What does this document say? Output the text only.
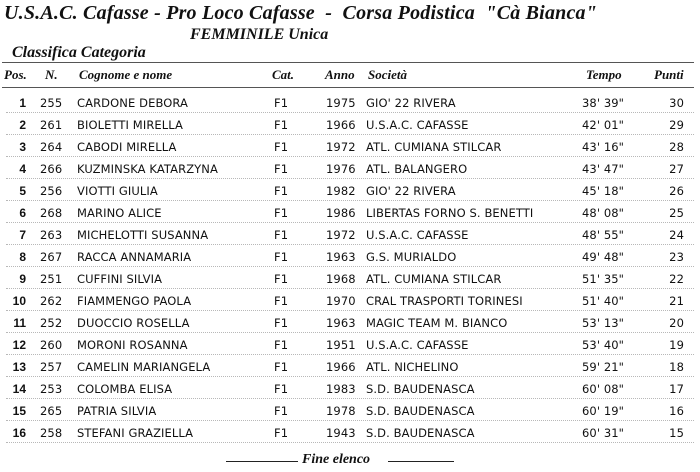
U.S.A.C. Cafasse - Pro Loco Cafasse  -  Corsa Podistica  "Cà Bianca"

Classifica Categoria

FEMMINILE Unica

Pos. N. Cognome e nome	Cat. Anno Società	Tempo Punti
1 255 CARDONE DEBORA	F1	1975 GIO' 22 RIVERA	38' 39"	30
2 261 BIOLETTI MIRELLA	F1	1966 U.S.A.C. CAFASSE	42' 01"	29
3 264 CABODI MIRELLA	F1	1972 ATL. CUMIANA STILCAR	43' 16"	28
4 266 KUZMINSKA KATARZYNA	F1	1976 ATL. BALANGERO	43' 47"	27
5 256 VIOTTI GIULIA	F1	1982 GIO' 22 RIVERA	45' 18"	26
6 268 MARINO ALICE	F1	1986 LIBERTAS FORNO S. BENETTI	48' 08"	25
7 263 MICHELOTTI SUSANNA	F1	1972 U.S.A.C. CAFASSE	48' 55"	24
8 267 RACCA ANNAMARIA	F1	1963 G.S. MURIALDO	49' 48"	23
9 251 CUFFINI SILVIA	F1	1968 ATL. CUMIANA STILCAR	51' 35"	22
10 262 FIAMMENGO PAOLA	F1	1970 CRAL TRASPORTI TORINESI	51' 40"	21
11 252 DUOCCIO ROSELLA	F1	1963 MAGIC TEAM M. BIANCO	53' 13"	20
12 260 MORONI ROSANNA	F1	1951 U.S.A.C. CAFASSE	53' 40"	19
13 257 CAMELIN MARIANGELA	F1	1966 ATL. NICHELINO	59' 21"	18
14 253 COLOMBA ELISA	F1	1983 S.D. BAUDENASCA	60' 08"	17
15 265 PATRIA SILVIA	F1	1978 S.D. BAUDENASCA	60' 19"	16
16 258 STEFANI GRAZIELLA	F1	1943 S.D. BAUDENASCA	60' 31"	15
Fine elenco
